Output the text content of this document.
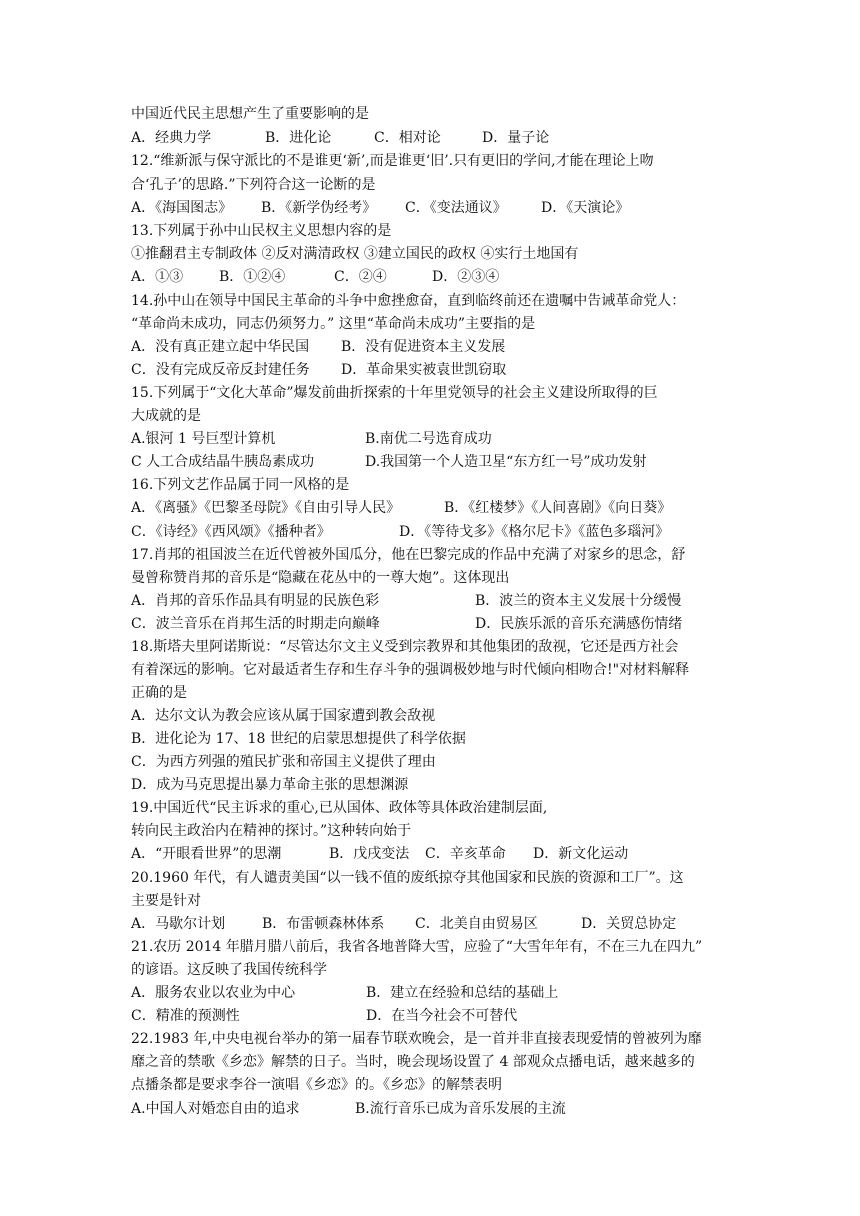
中国近代民主思想产生了重要影响的是
A．经典力学	B．进化论	C．相对论	D．量子论
12.“维新派与保守派比的不是谁更‘新’,而是谁更‘旧’.只有更旧的学问,才能在理论上吻
合‘孔子’的思路.”下列符合这一论断的是
A．《海国图志》 B．《新学伪经考》 C．《变法通议》 D．《天演论》
13.下列属于孙中山民权主义思想内容的是
①推翻君主专制政体 ②反对满清政权 ③建立国民的政权 ④实行土地国有
A．①③	B．①②④	C．②④	D．②③④
14.孙中山在领导中国民主革命的斗争中愈挫愈奋，直到临终前还在遗嘱中告诫革命党人：
“革命尚未成功，同志仍须努力。” 这里“革命尚未成功”主要指的是
A．没有真正建立起中华民国 B．没有促进资本主义发展
C．没有完成反帝反封建任务 D．革命果实被袁世凯窃取
15.下列属于“文化大革命”爆发前曲折探索的十年里党领导的社会主义建设所取得的巨
大成就的是
A.银河 1 号巨型计算机	B.南优二号选育成功
C 人工合成结晶牛胰岛素成功	D.我国第一个人造卫星“东方红一号”成功发射
16.下列文艺作品属于同一风格的是
A．《离骚》《巴黎圣母院》《自由引导人民》	B．《红楼梦》《人间喜剧》《向日葵》
C．《诗经》《西风颂》《播种者》	D．《等待戈多》《格尔尼卡》《蓝色多瑙河》
17.肖邦的祖国波兰在近代曾被外国瓜分，他在巴黎完成的作品中充满了对家乡的思念，舒
曼曾称赞肖邦的音乐是“隐藏在花丛中的一尊大炮”。这体现出
A．肖邦的音乐作品具有明显的民族色彩	B．波兰的资本主义发展十分缓慢
C．波兰音乐在肖邦生活的时期走向巅峰	D．民族乐派的音乐充满感伤情绪
18.斯塔夫里阿诺斯说：“尽管达尔文主义受到宗教界和其他集团的敌视，它还是西方社会
有着深远的影响。它对最适者生存和生存斗争的强调极妙地与时代倾向相吻合!"对材料解释
正确的是
A．达尔文认为教会应该从属于国家遭到教会敌视
B．进化论为 17、18 世纪的启蒙思想提供了科学依据
C．为西方列强的殖民扩张和帝国主义提供了理由
D．成为马克思提出暴力革命主张的思想渊源
19.中国近代“民主诉求的重心,已从国体、政体等具体政治建制层面,
转向民主政治内在精神的探讨。”这种转向始于
A．“开眼看世界”的思潮	B．戊戌变法 C．辛亥革命 D．新文化运动
20.1960 年代，有人谴责美国“以一钱不值的废纸掠夺其他国家和民族的资源和工厂”。这
主要是针对
A．马歇尔计划	B．布雷顿森林体系 C．北美自由贸易区	D．关贸总协定
21.农历 2014 年腊月腊八前后，我省各地普降大雪，应验了“大雪年年有，不在三九在四九”
的谚语。这反映了我国传统科学
A．服务农业以农业为中心	B．建立在经验和总结的基础上
C．精准的预测性	D．在当今社会不可替代
22.1983 年,中央电视台举办的第一届春节联欢晚会，是一首并非直接表现爱情的曾被列为靡
靡之音的禁歌《乡恋》解禁的日子。当时，晚会现场设置了 4 部观众点播电话，越来越多的
点播条都是要求李谷一演唱《乡恋》的。《乡恋》的解禁表明
A.中国人对婚恋自由的追求	B.流行音乐已成为音乐发展的主流
